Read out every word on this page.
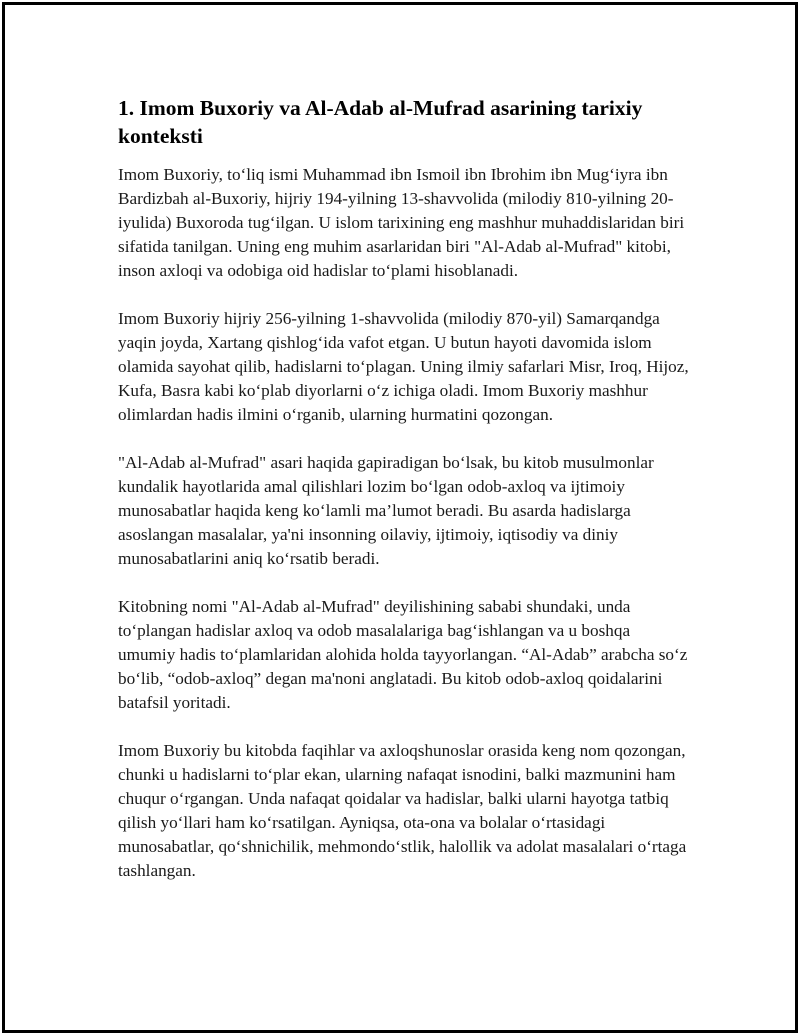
1. Imom Buxoriy va Al-Adab al-Mufrad asarining tarixiy konteksti

Imom Buxoriy, to‘liq ismi Muhammad ibn Ismoil ibn Ibrohim ibn Mug‘iyra ibn Bardizbah al-Buxoriy, hijriy 194-yilning 13-shavvolida (milodiy 810-yilning 20-iyulida) Buxoroda tug‘ilgan. U islom tarixining eng mashhur muhaddislaridan biri sifatida tanilgan. Uning eng muhim asarlaridan biri "Al-Adab al-Mufrad" kitobi, inson axloqi va odobiga oid hadislar to‘plami hisoblanadi.

Imom Buxoriy hijriy 256-yilning 1-shavvolida (milodiy 870-yil) Samarqandga yaqin joyda, Xartang qishlog‘ida vafot etgan. U butun hayoti davomida islom olamida sayohat qilib, hadislarni to‘plagan. Uning ilmiy safarlari Misr, Iroq, Hijoz, Kufa, Basra kabi ko‘plab diyorlarni o‘z ichiga oladi. Imom Buxoriy mashhur olimlardan hadis ilmini o‘rganib, ularning hurmatini qozongan.

"Al-Adab al-Mufrad" asari haqida gapiradigan bo‘lsak, bu kitob musulmonlar kundalik hayotlarida amal qilishlari lozim bo‘lgan odob-axloq va ijtimoiy munosabatlar haqida keng ko‘lamli ma’lumot beradi. Bu asarda hadislarga asoslangan masalalar, ya'ni insonning oilaviy, ijtimoiy, iqtisodiy va diniy munosabatlarini aniq ko‘rsatib beradi.

Kitobning nomi "Al-Adab al-Mufrad" deyilishining sababi shundaki, unda to‘plangan hadislar axloq va odob masalalariga bag‘ishlangan va u boshqa umumiy hadis to‘plamlaridan alohida holda tayyorlangan. “Al-Adab” arabcha so‘z bo‘lib, “odob-axloq” degan ma'noni anglatadi. Bu kitob odob-axloq qoidalarini batafsil yoritadi.

Imom Buxoriy bu kitobda faqihlar va axloqshunoslar orasida keng nom qozongan, chunki u hadislarni to‘plar ekan, ularning nafaqat isnodini, balki mazmunini ham chuqur o‘rgangan. Unda nafaqat qoidalar va hadislar, balki ularni hayotga tatbiq qilish yo‘llari ham ko‘rsatilgan. Ayniqsa, ota-ona va bolalar o‘rtasidagi munosabatlar, qo‘shnichilik, mehmondo‘stlik, halollik va adolat masalalari o‘rtaga tashlangan.
